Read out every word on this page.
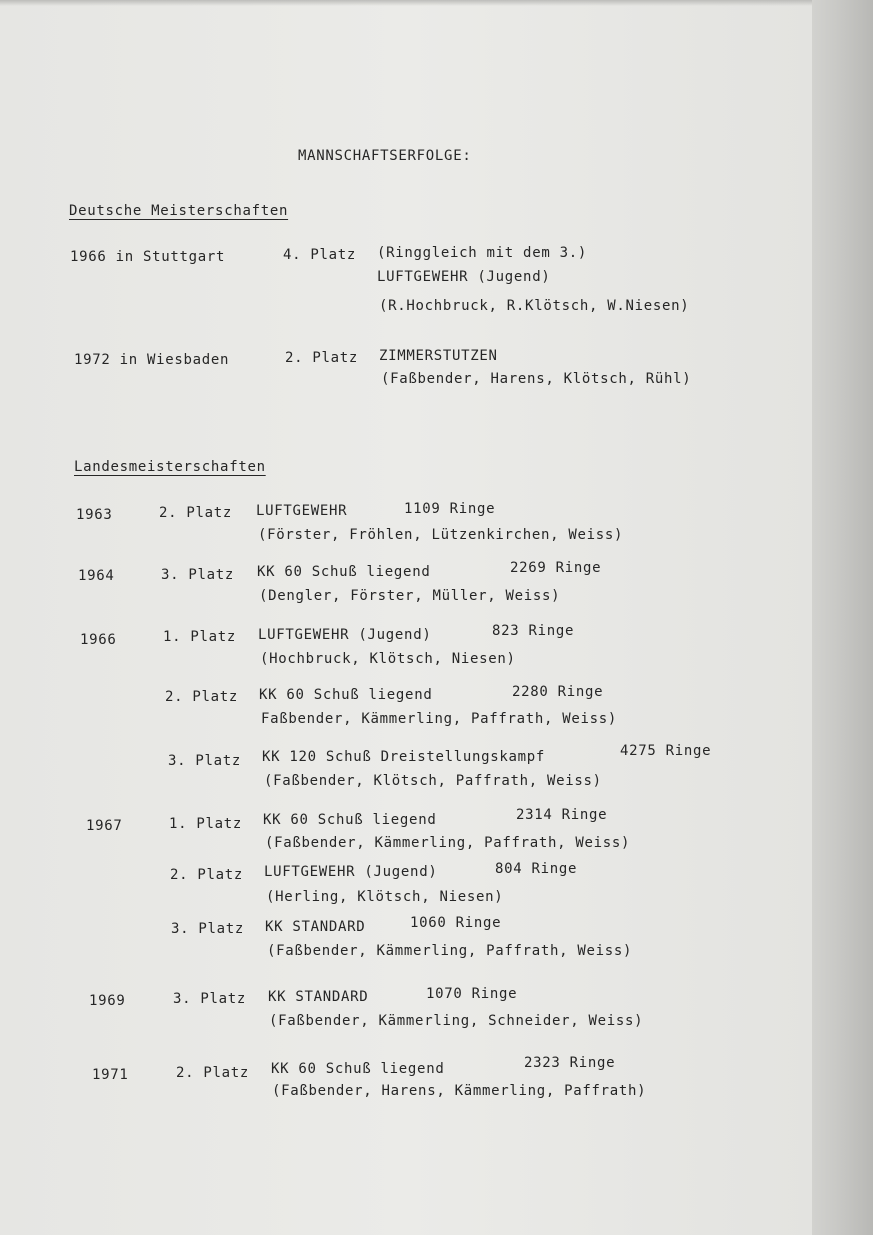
MANNSCHAFTSERFOLGE:
Deutsche Meisterschaften
1966 in Stuttgart	4. Platz (Ringgleich mit dem 3.)
LUFTGEWEHR (Jugend)
(R.Hochbruck, R.Klötsch, W.Niesen)
1972 in Wiesbaden	2. Platz ZIMMERSTUTZEN
(Faßbender, Harens, Klötsch, Rühl)
Landesmeisterschaften
1963	2. Platz LUFTGEWEHR	1109 Ringe
(Förster, Fröhlen, Lützenkirchen, Weiss)
1964	3. Platz KK 60 Schuß liegend	2269 Ringe
(Dengler, Förster, Müller, Weiss)
1966	1. Platz LUFTGEWEHR (Jugend)	823 Ringe
(Hochbruck, Klötsch, Niesen)
2. Platz KK 60 Schuß liegend	2280 Ringe
Faßbender, Kämmerling, Paffrath, Weiss)
3. Platz KK 120 Schuß Dreistellungskampf	4275 Ringe
(Faßbender, Klötsch, Paffrath, Weiss)
1967	1. Platz KK 60 Schuß liegend	2314 Ringe
(Faßbender, Kämmerling, Paffrath, Weiss)
2. Platz LUFTGEWEHR (Jugend)	804 Ringe
(Herling, Klötsch, Niesen)
3. Platz KK STANDARD	1060 Ringe
(Faßbender, Kämmerling, Paffrath, Weiss)
1969	3. Platz KK STANDARD	1070 Ringe
(Faßbender, Kämmerling, Schneider, Weiss)
1971	2. Platz KK 60 Schuß liegend	2323 Ringe
(Faßbender, Harens, Kämmerling, Paffrath)
